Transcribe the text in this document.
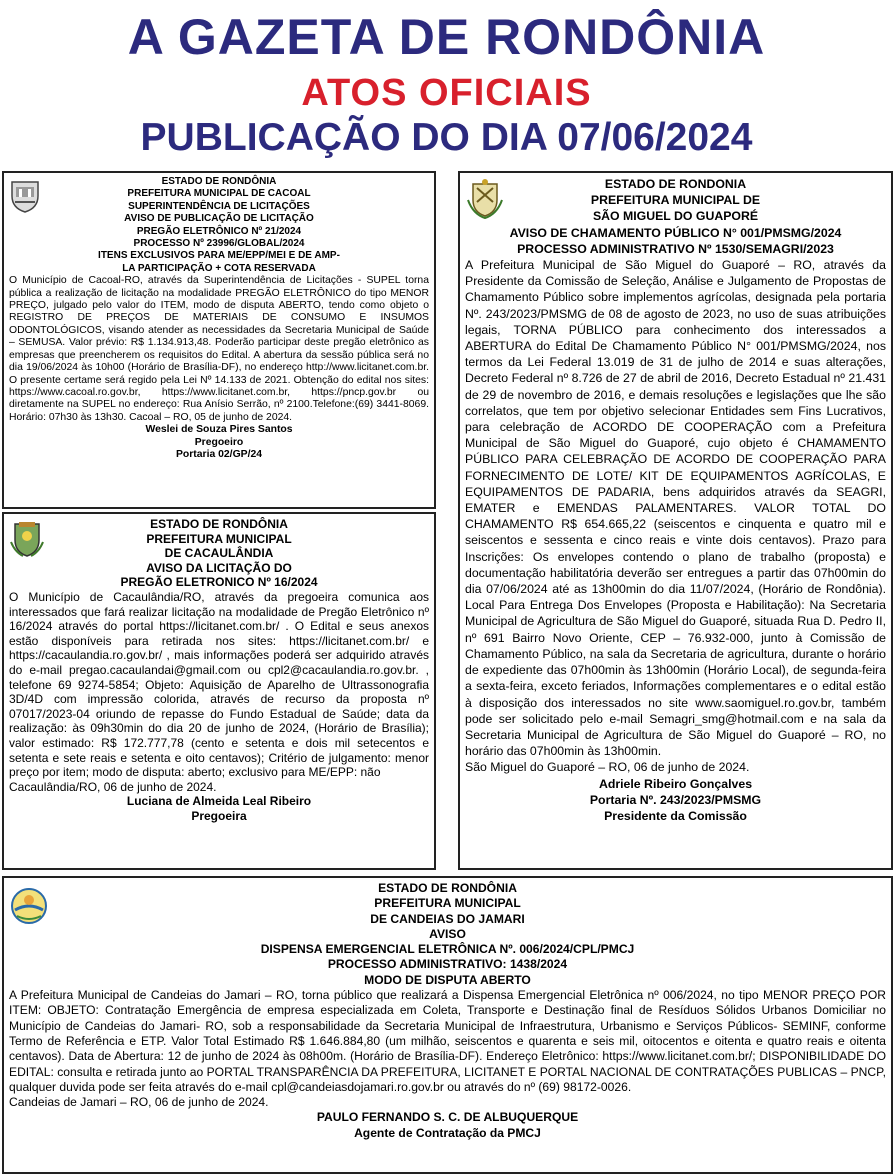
A GAZETA DE RONDÔNIA
ATOS OFICIAIS
PUBLICAÇÃO DO DIA 07/06/2024
ESTADO DE RONDÔNIA
PREFEITURA MUNICIPAL DE CACOAL
SUPERINTENDÊNCIA DE LICITAÇÕES
AVISO DE PUBLICAÇÃO DE LICITAÇÃO
PREGÃO ELETRÔNICO Nº 21/2024
PROCESSO Nº 23996/GLOBAL/2024
ITENS EXCLUSIVOS PARA ME/EPP/MEI E DE AMP-
LA PARTICIPAÇÃO + COTA RESERVADA
O Município de Cacoal-RO, através da Superintendência de Licitações - SUPEL torna pública a realização de licitação na modalidade PREGÃO ELETRÔNICO do tipo MENOR PREÇO, julgado pelo valor do ITEM, modo de disputa ABERTO, tendo como objeto o REGISTRO DE PREÇOS DE MATERIAIS DE CONSUMO E INSUMOS ODONTOLÓGICOS, visando atender as necessidades da Secretaria Municipal de Saúde – SEMUSA. Valor prévio: R$ 1.134.913,48. Poderão participar deste pregão eletrônico as empresas que preencherem os requisitos do Edital. A abertura da sessão pública será no dia 19/06/2024 às 10h00 (Horário de Brasília-DF), no endereço http://www.licitanet.com.br. O presente certame será regido pela Lei Nº 14.133 de 2021. Obtenção do edital nos sites: https://www.cacoal.ro.gov.br, https://www.licitanet.com.br, https://pncp.gov.br ou diretamente na SUPEL no endereço: Rua Anísio Serrão, nº 2100.Telefone:(69) 3441-8069. Horário: 07h30 às 13h30. Cacoal – RO, 05 de junho de 2024.
Weslei de Souza Pires Santos
Pregoeiro
Portaria 02/GP/24
ESTADO DE RONDÔNIA
PREFEITURA MUNICIPAL
DE CACAULÂNDIA
AVISO DA LICITAÇÃO DO
PREGÃO ELETRONICO Nº 16/2024
O Município de Cacaulândia/RO, através da pregoeira comunica aos interessados que fará realizar licitação na modalidade de Pregão Eletrônico nº 16/2024 através do portal https://licitanet.com.br/ . O Edital e seus anexos estão disponíveis para retirada nos sites: https://licitanet.com.br/ e https://cacaulandia.ro.gov.br/ , mais informações poderá ser adquirido através do e-mail pregao.cacaulandai@gmail.com ou cpl2@cacaulandia.ro.gov.br. , telefone 69 9274-5854; Objeto: Aquisição de Aparelho de Ultrassonografia 3D/4D com impressão colorida, através de recurso da proposta nº 07017/2023-04 oriundo de repasse do Fundo Estadual de Saúde; data da realização: às 09h30min do dia 20 de junho de 2024, (Horário de Brasília); valor estimado: R$ 172.777,78 (cento e setenta e dois mil setecentos e setenta e sete reais e setenta e oito centavos); Critério de julgamento: menor preço por item; modo de disputa: aberto; exclusivo para ME/EPP: não
Cacaulândia/RO, 06 de junho de 2024.
Luciana de Almeida Leal Ribeiro
Pregoeira
ESTADO DE RONDONIA
PREFEITURA MUNICIPAL DE
SÃO MIGUEL DO GUAPORÉ
AVISO DE CHAMAMENTO PÚBLICO N° 001/PMSMG/2024
PROCESSO ADMINISTRATIVO Nº 1530/SEMAGRI/2023
A Prefeitura Municipal de São Miguel do Guaporé – RO, através da Presidente da Comissão de Seleção, Análise e Julgamento de Propostas de Chamamento Público sobre implementos agrícolas, designada pela portaria Nº. 243/2023/PMSMG de 08 de agosto de 2023, no uso de suas atribuições legais, TORNA PÚBLICO para conhecimento dos interessados a ABERTURA do Edital De Chamamento Público N° 001/PMSMG/2024, nos termos da Lei Federal 13.019 de 31 de julho de 2014 e suas alterações, Decreto Federal nº 8.726 de 27 de abril de 2016, Decreto Estadual nº 21.431 de 29 de novembro de 2016, e demais resoluções e legislações que lhe são correlatos, que tem por objetivo selecionar Entidades sem Fins Lucrativos, para celebração de ACORDO DE COOPERAÇÃO com a Prefeitura Municipal de São Miguel do Guaporé, cujo objeto é CHAMAMENTO PÚBLICO PARA CELEBRAÇÃO DE ACORDO DE COOPERAÇÃO PARA FORNECIMENTO DE LOTE/ KIT DE EQUIPAMENTOS AGRÍCOLAS, E EQUIPAMENTOS DE PADARIA, bens adquiridos através da SEAGRI, EMATER e EMENDAS PALAMENTARES. VALOR TOTAL DO CHAMAMENTO R$ 654.665,22 (seiscentos e cinquenta e quatro mil e seiscentos e sessenta e cinco reais e vinte dois centavos). Prazo para Inscrições: Os envelopes contendo o plano de trabalho (proposta) e documentação habilitatória deverão ser entregues a partir das 07h00min do dia 07/06/2024 até as 13h00min do dia 11/07/2024, (Horário de Rondônia). Local Para Entrega Dos Envelopes (Proposta e Habilitação): Na Secretaria Municipal de Agricultura de São Miguel do Guaporé, situada Rua D. Pedro II, nº 691 Bairro Novo Oriente, CEP – 76.932-000, junto à Comissão de Chamamento Público, na sala da Secretaria de agricultura, durante o horário de expediente das 07h00min às 13h00min (Horário Local), de segunda-feira a sexta-feira, exceto feriados, Informações complementares e o edital estão à disposição dos interessados no site www.saomiguel.ro.gov.br, também pode ser solicitado pelo e-mail Semagri_smg@hotmail.com e na sala da Secretaria Municipal de Agricultura de São Miguel do Guaporé – RO, no horário das 07h00min às 13h00min.
São Miguel do Guaporé – RO, 06 de junho de 2024.
Adriele Ribeiro Gonçalves
Portaria Nº. 243/2023/PMSMG
Presidente da Comissão
ESTADO DE RONDÔNIA
PREFEITURA MUNICIPAL
DE CANDEIAS DO JAMARI
AVISO
DISPENSA EMERGENCIAL ELETRÔNICA Nº. 006/2024/CPL/PMCJ
PROCESSO ADMINISTRATIVO: 1438/2024
MODO DE DISPUTA ABERTO
A Prefeitura Municipal de Candeias do Jamari – RO, torna público que realizará a Dispensa Emergencial Eletrônica nº 006/2024, no tipo MENOR PREÇO POR ITEM: OBJETO: Contratação Emergência de empresa especializada em Coleta, Transporte e Destinação final de Resíduos Sólidos Urbanos Domiciliar no Município de Candeias do Jamari- RO, sob a responsabilidade da Secretaria Municipal de Infraestrutura, Urbanismo e Serviços Públicos- SEMINF, conforme Termo de Referência e ETP. Valor Total Estimado R$ 1.646.884,80 (um milhão, seiscentos e quarenta e seis mil, oitocentos e oitenta e quatro reais e oitenta centavos). Data de Abertura: 12 de junho de 2024 às 08h00m. (Horário de Brasília-DF). Endereço Eletrônico: https://www.licitanet.com.br/; DISPONIBILIDADE DO EDITAL: consulta e retirada junto ao PORTAL TRANSPARÊNCIA DA PREFEITURA, LICITANET E PORTAL NACIONAL DE CONTRATAÇÕES PUBLICAS – PNCP, qualquer duvida pode ser feita através do e-mail cpl@candeiasdojamari.ro.gov.br ou através do nº (69) 98172-0026.
Candeias de Jamari – RO, 06 de junho de 2024.
PAULO FERNANDO S. C. DE ALBUQUERQUE
Agente de Contratação da PMCJ
